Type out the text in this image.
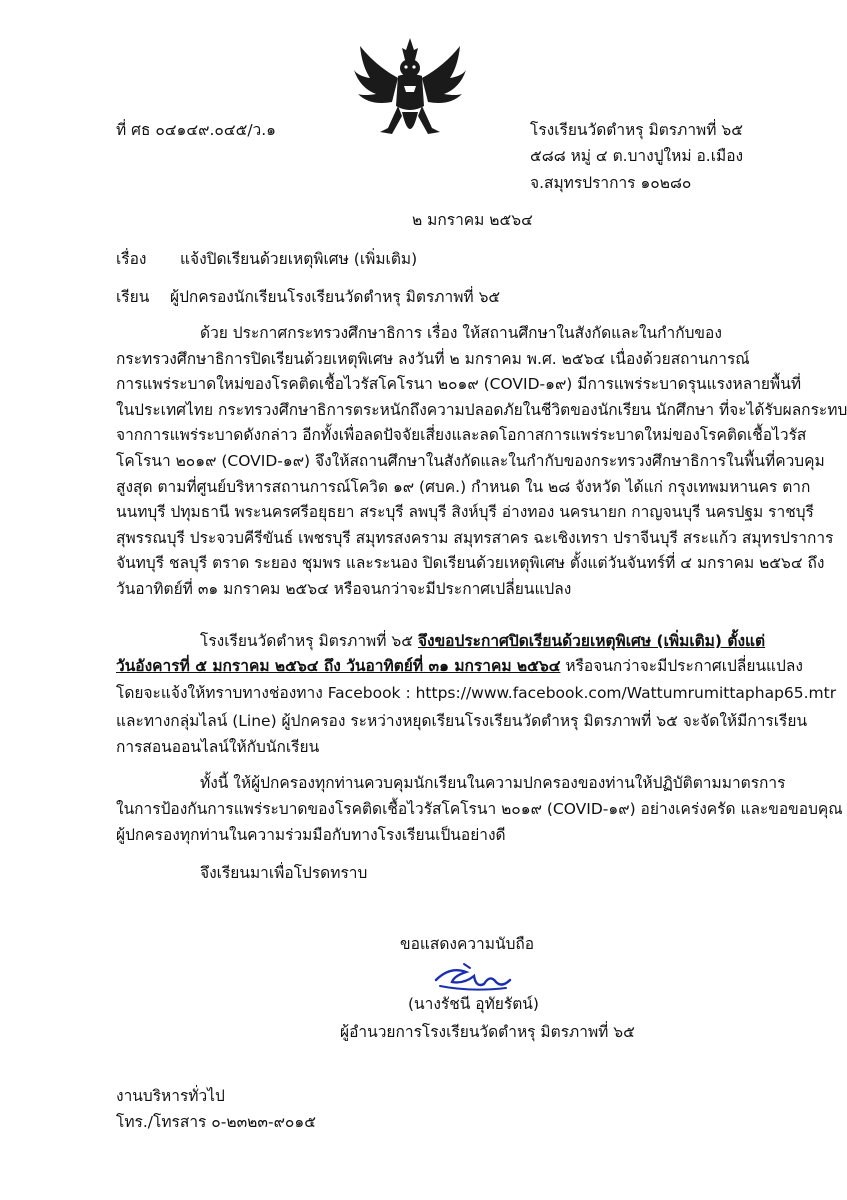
ที่ ศธ ๐๔๑๔๙.๐๔๕/ว.๑	โรงเรียนวัดตำหรุ มิตรภาพที่ ๖๕
๕๘๘ หมู่ ๔ ต.บางปูใหม่ อ.เมือง
จ.สมุทรปราการ ๑๐๒๘๐
๒ มกราคม ๒๕๖๔
เรื่อง แจ้งปิดเรียนด้วยเหตุพิเศษ (เพิ่มเติม)
เรียน ผู้ปกครองนักเรียนโรงเรียนวัดตำหรุ มิตรภาพที่ ๖๕
ด้วย ประกาศกระทรวงศึกษาธิการ เรื่อง ให้สถานศึกษาในสังกัดและในกำกับของ
กระทรวงศึกษาธิการปิดเรียนด้วยเหตุพิเศษ ลงวันที่ ๒ มกราคม พ.ศ. ๒๕๖๔ เนื่องด้วยสถานการณ์
การแพร่ระบาดใหม่ของโรคติดเชื้อไวรัสโคโรนา ๒๐๑๙ (COVID-๑๙) มีการแพร่ระบาดรุนแรงหลายพื้นที่
ในประเทศไทย กระทรวงศึกษาธิการตระหนักถึงความปลอดภัยในชีวิตของนักเรียน นักศึกษา ที่จะได้รับผลกระทบ
จากการแพร่ระบาดดังกล่าว อีกทั้งเพื่อลดปัจจัยเสี่ยงและลดโอกาสการแพร่ระบาดใหม่ของโรคติดเชื้อไวรัส
โคโรนา ๒๐๑๙ (COVID-๑๙) จึงให้สถานศึกษาในสังกัดและในกำกับของกระทรวงศึกษาธิการในพื้นที่ควบคุม
สูงสุด ตามที่ศูนย์บริหารสถานการณ์โควิด ๑๙ (ศบค.) กำหนด ใน ๒๘ จังหวัด ได้แก่ กรุงเทพมหานคร ตาก
นนทบุรี ปทุมธานี พระนครศรีอยุธยา สระบุรี ลพบุรี สิงห์บุรี อ่างทอง นครนายก กาญจนบุรี นครปฐม ราชบุรี
สุพรรณบุรี ประจวบคีรีขันธ์ เพชรบุรี สมุทรสงคราม สมุทรสาคร ฉะเชิงเทรา ปราจีนบุรี สระแก้ว สมุทรปราการ
จันทบุรี ชลบุรี ตราด ระยอง ชุมพร และระนอง ปิดเรียนด้วยเหตุพิเศษ ตั้งแต่วันจันทร์ที่ ๔ มกราคม ๒๕๖๔ ถึง
วันอาทิตย์ที่ ๓๑ มกราคม ๒๕๖๔ หรือจนกว่าจะมีประกาศเปลี่ยนแปลง
โรงเรียนวัดตำหรุ มิตรภาพที่ ๖๕ จึงขอประกาศปิดเรียนด้วยเหตุพิเศษ (เพิ่มเติม) ตั้งแต่
วันอังคารที่ ๕ มกราคม ๒๕๖๔ ถึง วันอาทิตย์ที่ ๓๑ มกราคม ๒๕๖๔ หรือจนกว่าจะมีประกาศเปลี่ยนแปลง
โดยจะแจ้งให้ทราบทางช่องทาง Facebook : https://www.facebook.com/Wattumrumittaphap65.mtr
และทางกลุ่มไลน์ (Line) ผู้ปกครอง ระหว่างหยุดเรียนโรงเรียนวัดตำหรุ มิตรภาพที่ ๖๕ จะจัดให้มีการเรียน
การสอนออนไลน์ให้กับนักเรียน
ทั้งนี้ ให้ผู้ปกครองทุกท่านควบคุมนักเรียนในความปกครองของท่านให้ปฏิบัติตามมาตรการ
ในการป้องกันการแพร่ระบาดของโรคติดเชื้อไวรัสโคโรนา ๒๐๑๙ (COVID-๑๙) อย่างเคร่งครัด และขอขอบคุณ
ผู้ปกครองทุกท่านในความร่วมมือกับทางโรงเรียนเป็นอย่างดี
จึงเรียนมาเพื่อโปรดทราบ
ขอแสดงความนับถือ
(นางรัชนี อุทัยรัตน์)
ผู้อำนวยการโรงเรียนวัดตำหรุ มิตรภาพที่ ๖๕
งานบริหารทั่วไป
โทร./โทรสาร ๐-๒๓๒๓-๙๐๑๕
